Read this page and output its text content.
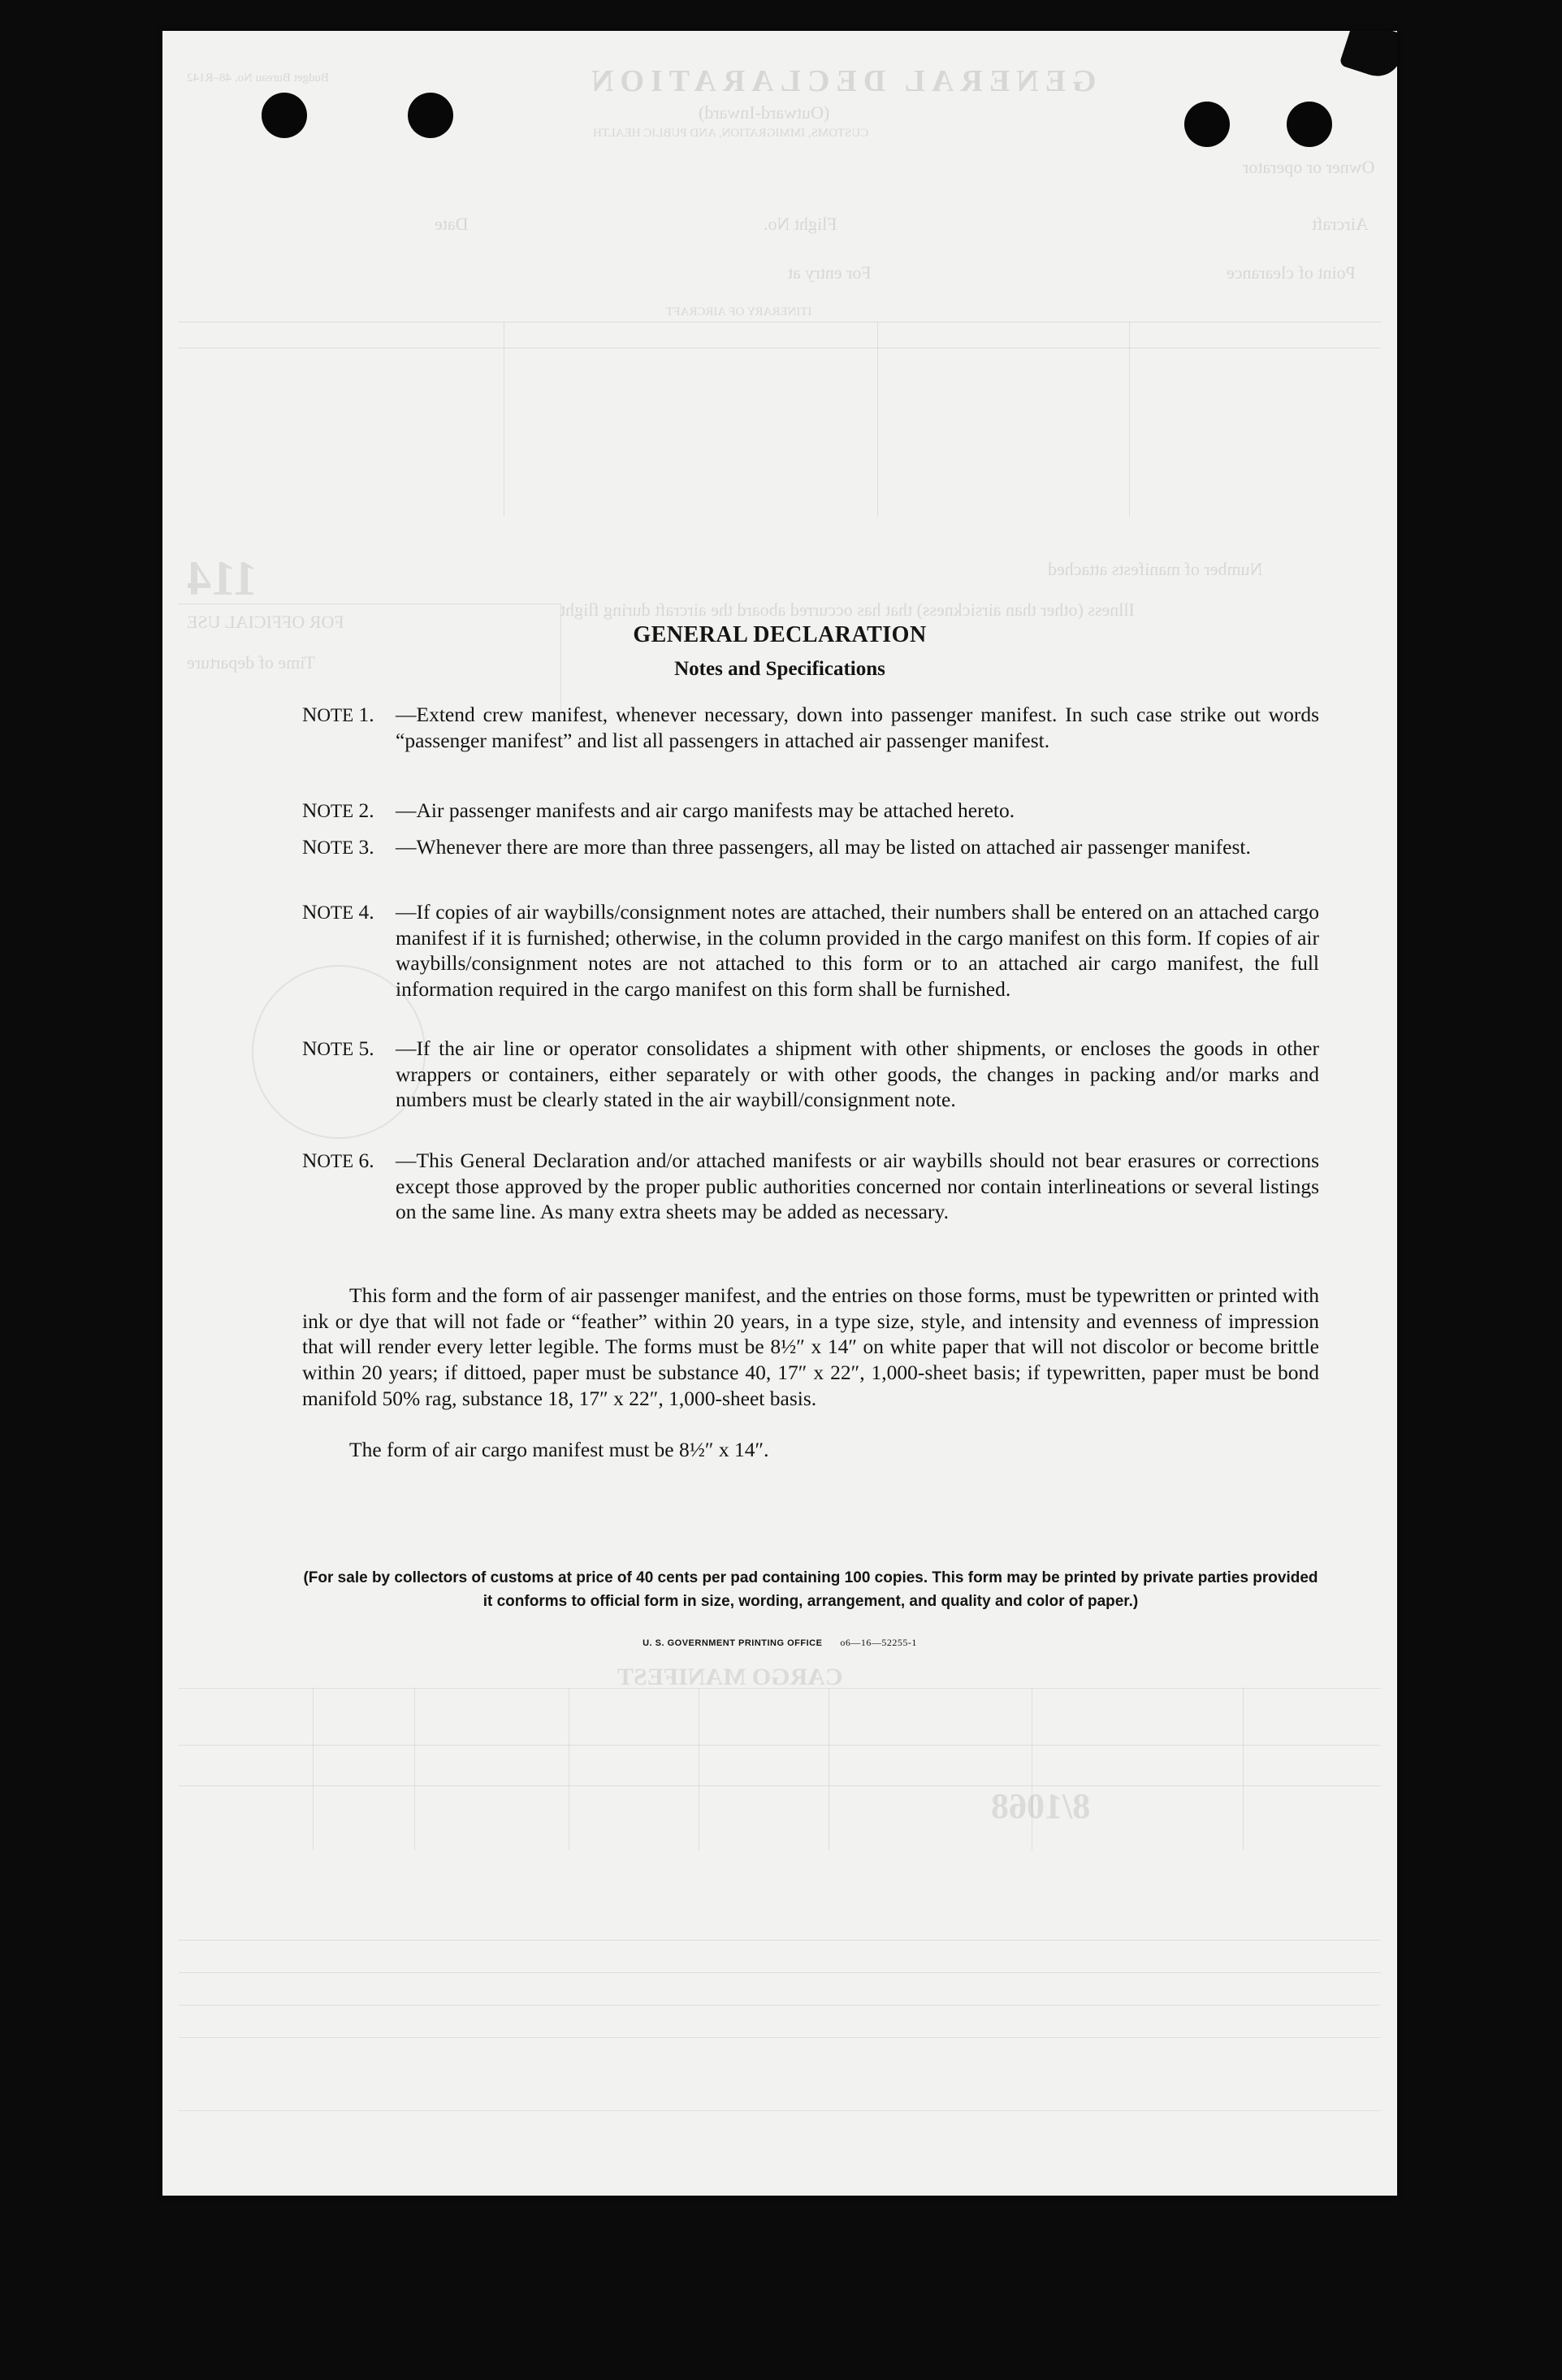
GENERAL DECLARATION
(Outward-Inward)
CUSTOMS, IMMIGRATION, AND PUBLIC HEALTH
Budget Bureau No. 48–R142
Owner or operator
Aircraft
Flight No.
Date
Point of clearance
For entry at
ITINERARY OF AIRCRAFT
114
FOR OFFICIAL USE
Time of departure
Number of manifests attached
Illness (other than airsickness) that has occurred aboard the aircraft during flight
CARGO MANIFEST
8/1068
GENERAL DECLARATION
Notes and Specifications
NOTE 1.	—Extend crew manifest, whenever necessary, down into passenger manifest. In such case strike out words “passenger manifest” and list all passengers in attached air passenger manifest.
NOTE 2.	—Air passenger manifests and air cargo manifests may be attached hereto.
NOTE 3.	—Whenever there are more than three passengers, all may be listed on attached air passenger manifest.
NOTE 4.	—If copies of air waybills/consignment notes are attached, their numbers shall be entered on an attached cargo manifest if it is furnished; otherwise, in the column provided in the cargo manifest on this form. If copies of air waybills/consignment notes are not attached to this form or to an attached air cargo manifest, the full information required in the cargo manifest on this form shall be furnished.
NOTE 5.	—If the air line or operator consolidates a shipment with other shipments, or encloses the goods in other wrappers or containers, either separately or with other goods, the changes in packing and/or marks and numbers must be clearly stated in the air waybill/consignment note.
NOTE 6.	—This General Declaration and/or attached manifests or air waybills should not bear erasures or corrections except those approved by the proper public authorities concerned nor contain interlineations or several listings on the same line. As many extra sheets may be added as necessary.
This form and the form of air passenger manifest, and the entries on those forms, must be typewritten or printed with ink or dye that will not fade or “feather” within 20 years, in a type size, style, and intensity and evenness of impression that will render every letter legible. The forms must be 8½″ x 14″ on white paper that will not discolor or become brittle within 20 years; if dittoed, paper must be substance 40, 17″ x 22″, 1,000-sheet basis; if typewritten, paper must be bond manifold 50% rag, substance 18, 17″ x 22″, 1,000-sheet basis.
The form of air cargo manifest must be 8½″ x 14″.
(For sale by collectors of customs at price of 40 cents per pad containing 100 copies. This form may be printed by private parties provided it conforms to official form in size, wording, arrangement, and quality and color of paper.)
U. S. GOVERNMENT PRINTING OFFICE o6—16—52255-1
